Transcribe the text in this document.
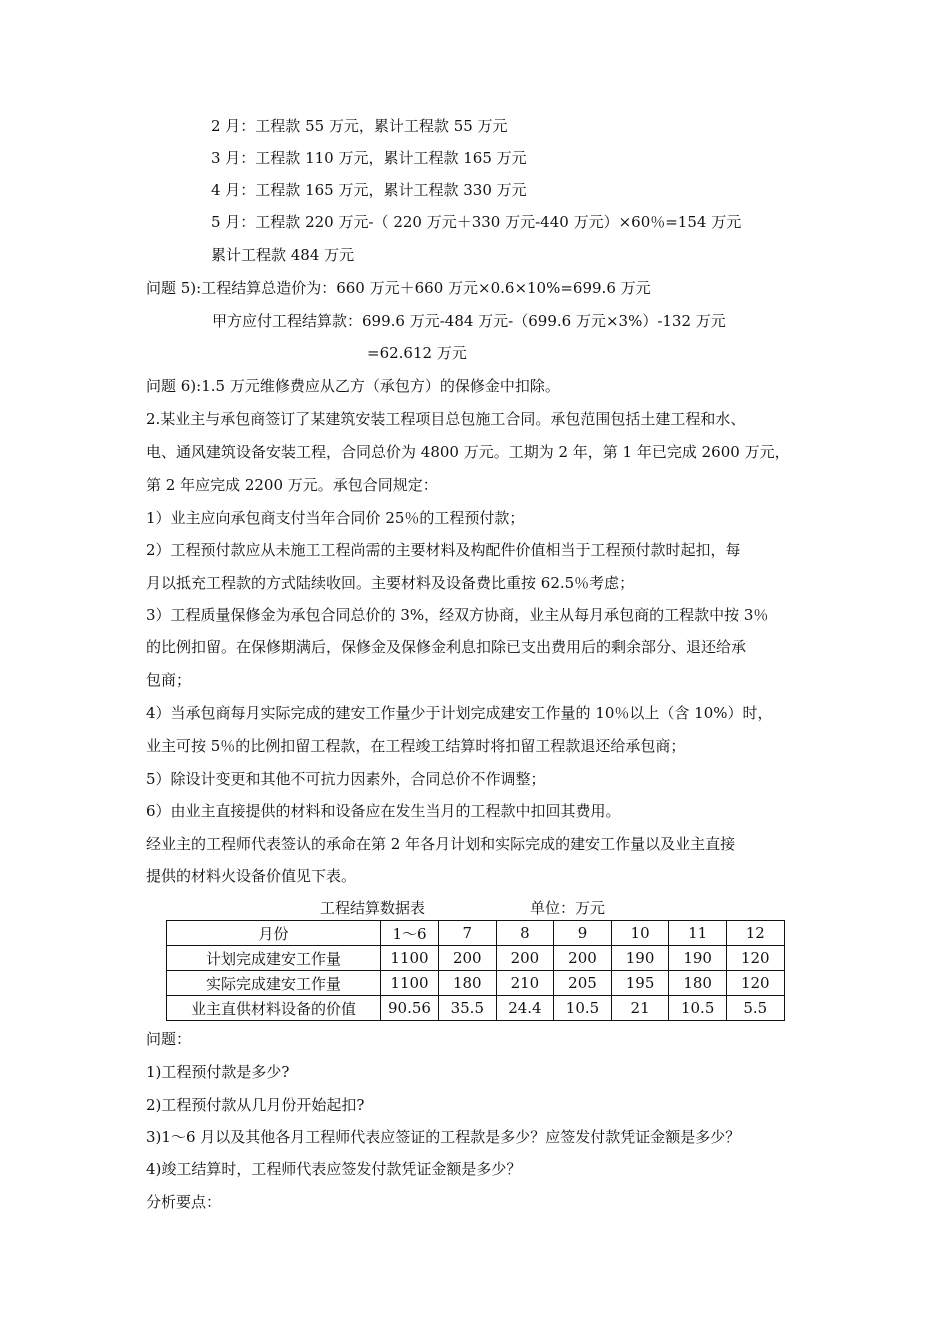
2 月：工程款 55 万元，累计工程款 55 万元
3 月：工程款 110 万元，累计工程款 165 万元
4 月：工程款 165 万元，累计工程款 330 万元
5 月：工程款 220 万元-（ 220 万元＋330 万元-440 万元）×60％=154 万元
累计工程款 484 万元
问题 5):工程结算总造价为：660 万元＋660 万元×0.6×10%=699.6 万元
甲方应付工程结算款：699.6 万元-484 万元-（699.6 万元×3%）-132 万元
=62.612 万元
问题 6):1.5 万元维修费应从乙方（承包方）的保修金中扣除。
2.某业主与承包商签订了某建筑安装工程项目总包施工合同。承包范围包括土建工程和水、
电、通风建筑设备安装工程，合同总价为 4800 万元。工期为 2 年，第 1 年已完成 2600 万元，
第 2 年应完成 2200 万元。承包合同规定：
1）业主应向承包商支付当年合同价 25％的工程预付款；
2）工程预付款应从未施工工程尚需的主要材料及构配件价值相当于工程预付款时起扣，每
月以抵充工程款的方式陆续收回。主要材料及设备费比重按 62.5％考虑；
3）工程质量保修金为承包合同总价的 3%，经双方协商，业主从每月承包商的工程款中按 3％
的比例扣留。在保修期满后，保修金及保修金利息扣除已支出费用后的剩余部分、退还给承
包商；
4）当承包商每月实际完成的建安工作量少于计划完成建安工作量的 10％以上（含 10%）时，
业主可按 5％的比例扣留工程款，在工程竣工结算时将扣留工程款退还给承包商；
5）除设计变更和其他不可抗力因素外，合同总价不作调整；
6）由业主直接提供的材料和设备应在发生当月的工程款中扣回其费用。
经业主的工程师代表签认的承命在第 2 年各月计划和实际完成的建安工作量以及业主直接
提供的材料火设备价值见下表。
工程结算数据表	单位：万元
月份	1～6	7	8	9	10	11	12
计划完成建安工作量	1100	200	200	200	190	190	120
实际完成建安工作量	1100	180	210	205	195	180	120
业主直供材料设备的价值	90.56	35.5	24.4	10.5	21	10.5	5.5
问题：
1)工程预付款是多少?
2)工程预付款从几月份开始起扣?
3)1～6 月以及其他各月工程师代表应签证的工程款是多少？应签发付款凭证金额是多少？
4)竣工结算时，工程师代表应签发付款凭证金额是多少？
分析要点：
